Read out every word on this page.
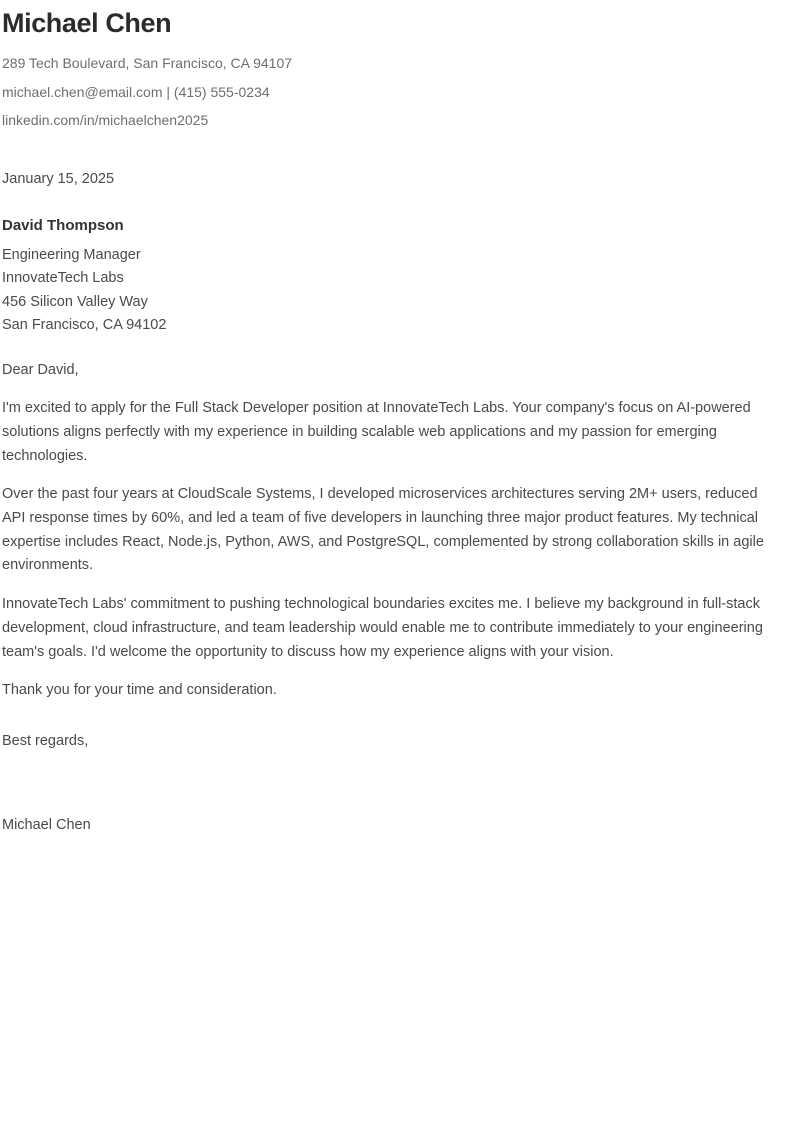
Michael Chen

289 Tech Boulevard, San Francisco, CA 94107

michael.chen@email.com | (415) 555-0234

linkedin.com/in/michaelchen2025

January 15, 2025

David Thompson

Engineering Manager

InnovateTech Labs

456 Silicon Valley Way

San Francisco, CA 94102

Dear David,

I'm excited to apply for the Full Stack Developer position at InnovateTech Labs. Your company's focus on AI-powered solutions aligns perfectly with my experience in building scalable web applications and my passion for emerging technologies.

Over the past four years at CloudScale Systems, I developed microservices architectures serving 2M+ users, reduced API response times by 60%, and led a team of five developers in launching three major product features. My technical expertise includes React, Node.js, Python, AWS, and PostgreSQL, complemented by strong collaboration skills in agile environments.

InnovateTech Labs' commitment to pushing technological boundaries excites me. I believe my background in full-stack development, cloud infrastructure, and team leadership would enable me to contribute immediately to your engineering team's goals. I'd welcome the opportunity to discuss how my experience aligns with your vision.

Thank you for your time and consideration.

Best regards,

Michael Chen
